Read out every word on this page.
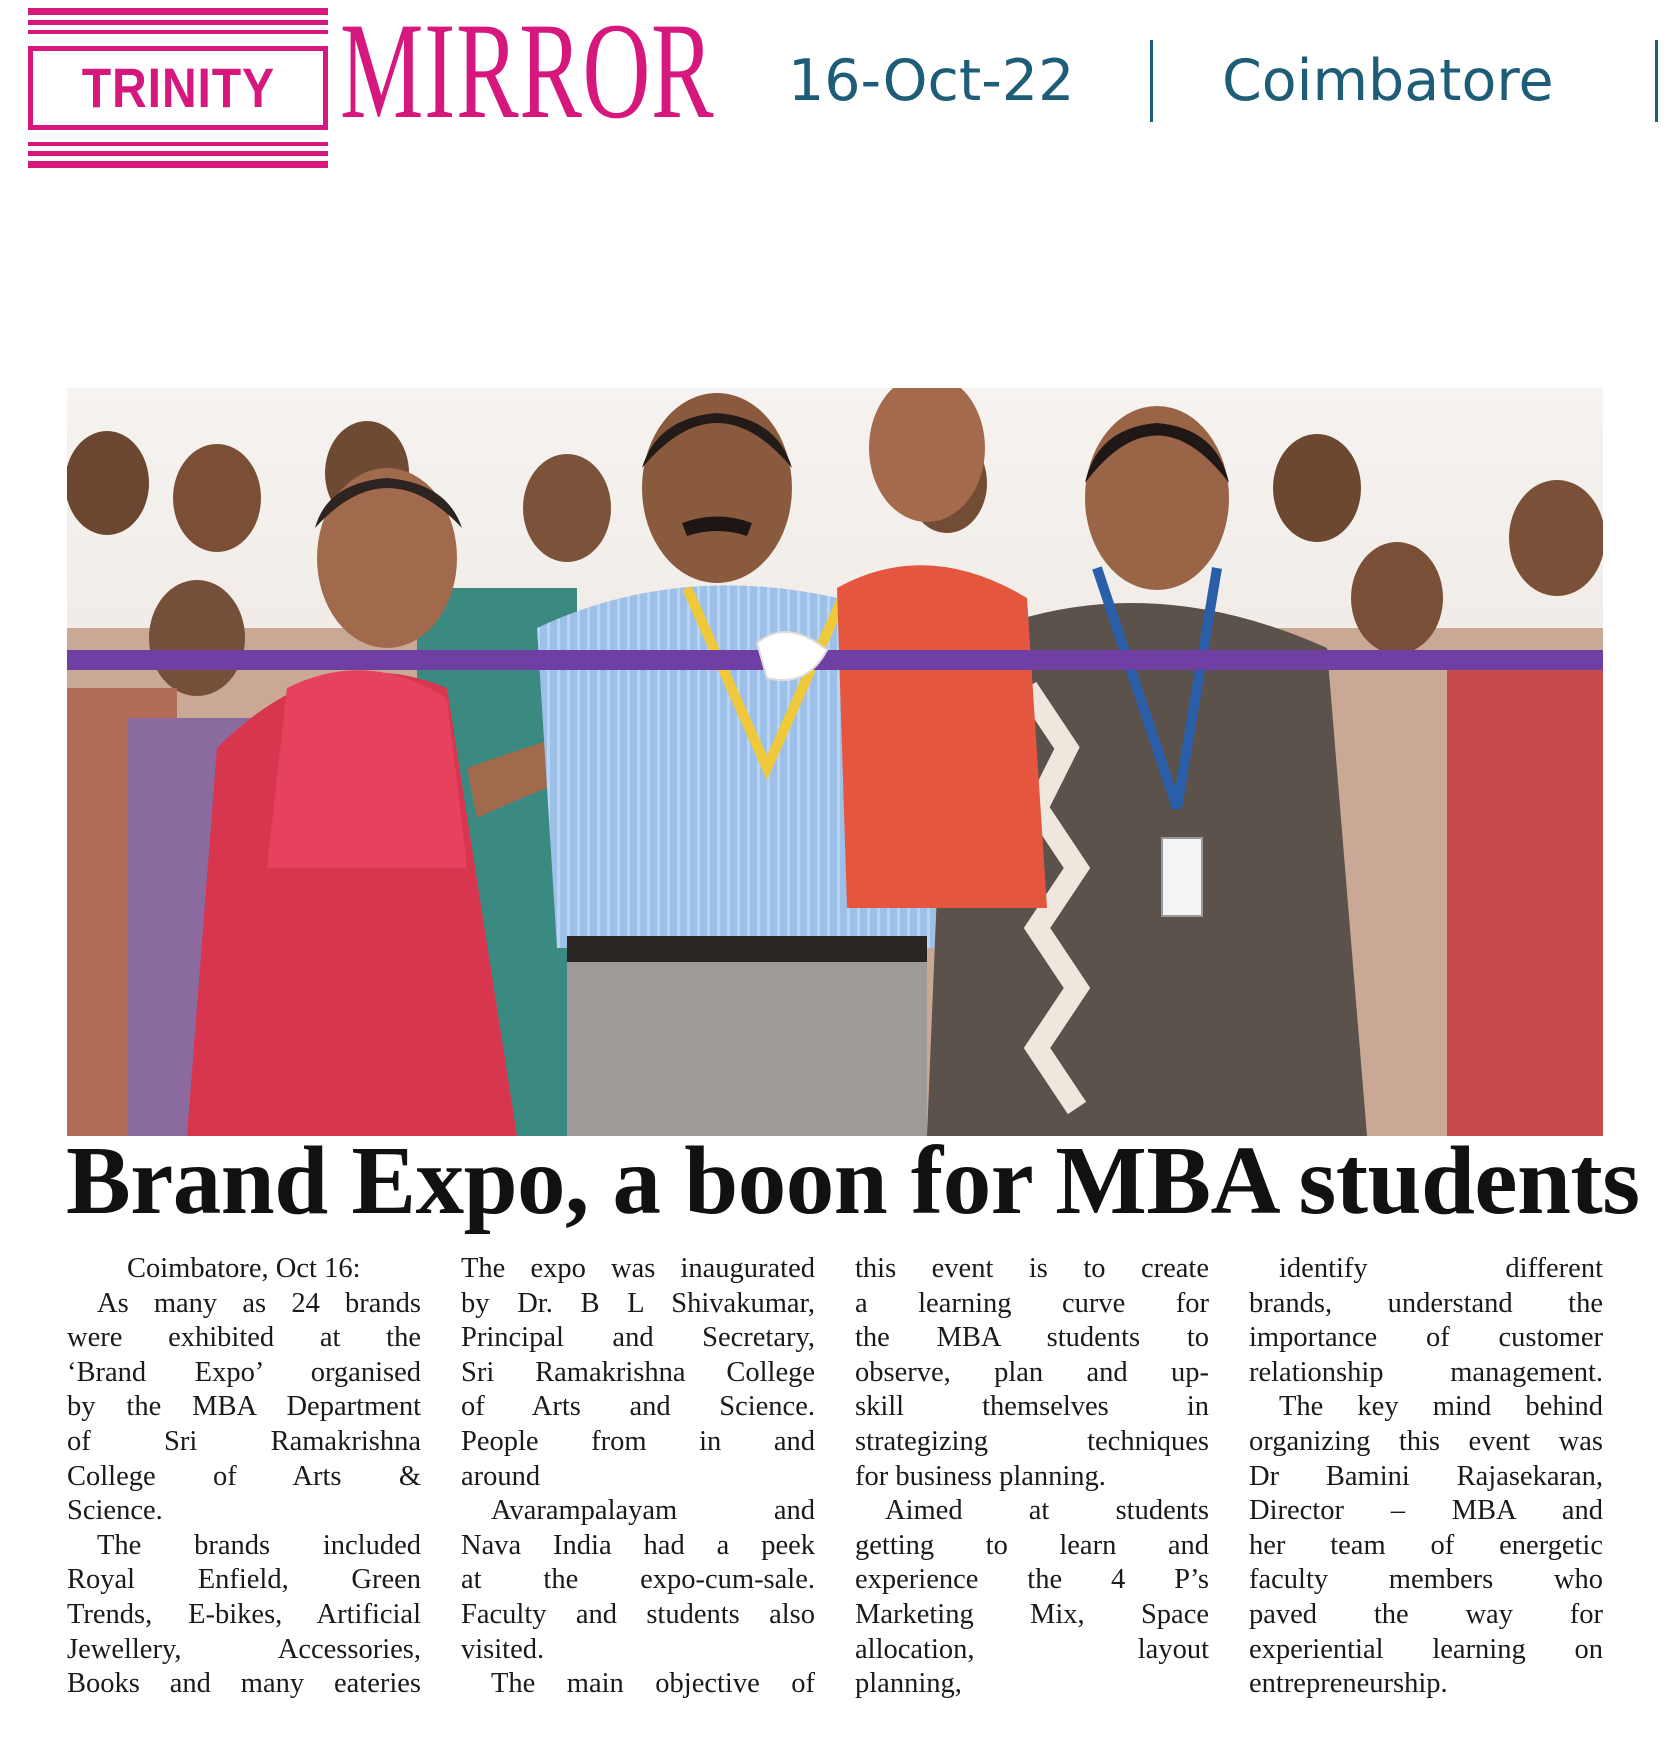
TRINITY MIRROR 16-Oct-22	Coimbatore
Brand Expo, a boon for MBA students
Coimbatore, Oct 16:
As many as 24 brands
were exhibited at the
‘Brand Expo’ organised
by the MBA Department
of Sri Ramakrishna
College of Arts &
Science.
The brands included
Royal Enfield, Green
Trends, E-bikes, Artificial
Jewellery, Accessories,
Books and many eateries
The expo was inaugurated
by Dr. B L Shivakumar,
Principal and Secretary,
Sri Ramakrishna College
of Arts and Science.
People from in and
around
Avarampalayam and
Nava India had a peek
at the expo-cum-sale.
Faculty and students also
visited.
The main objective of
this event is to create
a learning curve for
the MBA students to
observe, plan and up-
skill themselves in
strategizing techniques
for business planning.
Aimed at students
getting to learn and
experience the 4 P’s
Marketing Mix, Space
allocation, layout
planning,
identify different
brands, understand the
importance of customer
relationship management.
The key mind behind
organizing this event was
Dr Bamini Rajasekaran,
Director – MBA and
her team of energetic
faculty members who
paved the way for
experiential learning on
entrepreneurship.
